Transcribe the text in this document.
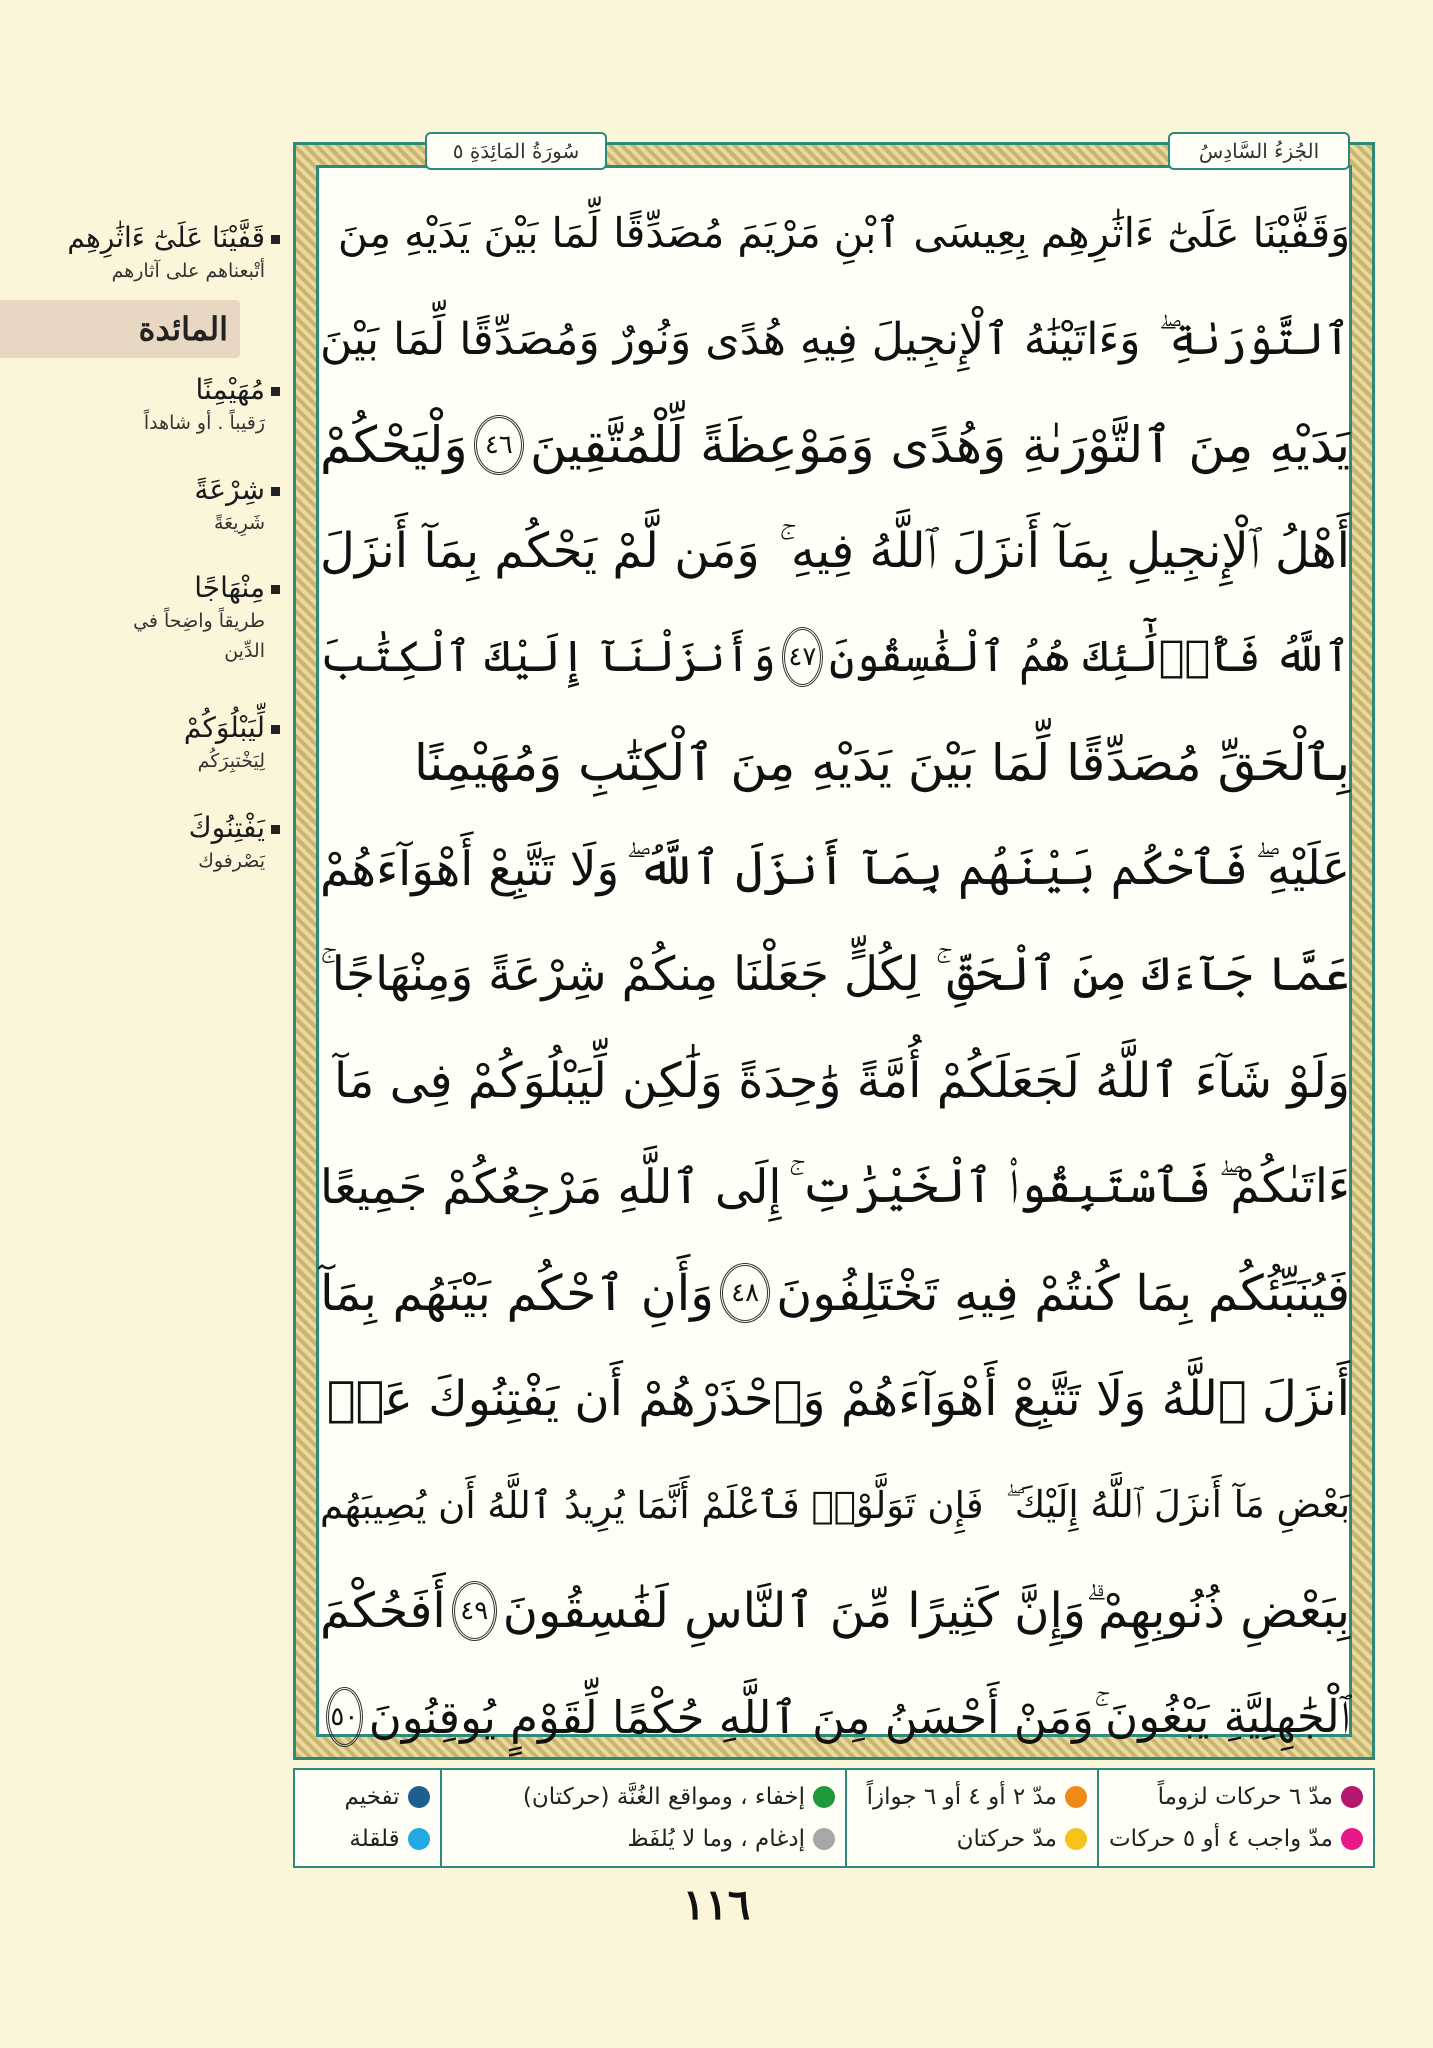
قَفَّيْنَا عَلَىٰٓ ءَاثَٰرِهِم
أتْبعناهم على آثارهم
مُهَيْمِنًا
رَقيباً . أو شاهداً
شِرْعَةً
شَرِيعَةً
مِنْهَاجًا
طريقاً واضِحاً في الدِّين
لِّيَبْلُوَكُمْ
لِيَخْتبِرَكُم
يَفْتِنُوكَ
يَصْرفوك
المائدة
سُورَةُ المَائِدَةِ ٥	الجُزءُ السَّادِسُ
وَقَفَّيْنَا عَلَىٰٓ ءَاثَٰرِهِم بِعِيسَى ٱبْنِ مَرْيَمَ مُصَدِّقًا لِّمَا بَيْنَ يَدَيْهِ مِنَ
ٱلتَّوْرَىٰةِ ۖ
وَءَاتَيْنَٰهُ ٱلْإِنجِيلَ فِيهِ هُدًى وَنُورٌ وَمُصَدِّقًا لِّمَا بَيْنَ
يَدَيْهِ مِنَ ٱلتَّوْرَىٰةِ وَهُدًى وَمَوْعِظَةً لِّلْمُتَّقِينَ
٤٦
وَلْيَحْكُمْ
أَهْلُ ٱلْإِنجِيلِ بِمَآ أَنزَلَ ٱللَّهُ فِيهِ ۚ
وَمَن لَّمْ يَحْكُم بِمَآ أَنزَلَ
ٱللَّهُ فَأُو۟لَٰٓئِكَ هُمُ ٱلْفَٰسِقُونَ
٤٧
وَأَنزَلْنَآ إِلَيْكَ ٱلْكِتَٰبَ
بِٱلْحَقِّ مُصَدِّقًا لِّمَا بَيْنَ يَدَيْهِ مِنَ ٱلْكِتَٰبِ وَمُهَيْمِنًا
عَلَيْهِ ۖ
فَٱحْكُم بَيْنَهُم بِمَآ أَنزَلَ ٱللَّهُ ۖ
وَلَا تَتَّبِعْ أَهْوَآءَهُمْ
عَمَّا جَآءَكَ مِنَ ٱلْحَقِّ ۚ
لِكُلٍّ جَعَلْنَا مِنكُمْ شِرْعَةً وَمِنْهَاجًا ۚ
وَلَوْ شَآءَ ٱللَّهُ لَجَعَلَكُمْ أُمَّةً وَٰحِدَةً وَلَٰكِن لِّيَبْلُوَكُمْ فِى مَآ
ءَاتَىٰكُمْ ۖ
فَٱسْتَبِقُوا۟ ٱلْخَيْرَٰتِ ۚ
إِلَى ٱللَّهِ مَرْجِعُكُمْ جَمِيعًا
فَيُنَبِّئُكُم بِمَا كُنتُمْ فِيهِ تَخْتَلِفُونَ
٤٨
وَأَنِ ٱحْكُم بَيْنَهُم بِمَآ
أَنزَلَ ٱللَّهُ وَلَا تَتَّبِعْ أَهْوَآءَهُمْ وَٱحْذَرْهُمْ أَن يَفْتِنُوكَ عَنۢ
بَعْضِ مَآ أَنزَلَ ٱللَّهُ إِلَيْكَ ۖ
فَإِن تَوَلَّوْا۟ فَٱعْلَمْ أَنَّمَا يُرِيدُ ٱللَّهُ أَن يُصِيبَهُم
بِبَعْضِ ذُنُوبِهِمْ ۗ
وَإِنَّ كَثِيرًا مِّنَ ٱلنَّاسِ لَفَٰسِقُونَ
٤٩
أَفَحُكْمَ
ٱلْجَٰهِلِيَّةِ يَبْغُونَ ۚ
وَمَنْ أَحْسَنُ مِنَ ٱللَّهِ حُكْمًا لِّقَوْمٍ يُوقِنُونَ
٥٠
مدّ ٦ حركات لزوماً
مدّ واجب ٤ أو ٥ حركات
مدّ ٢ أو ٤ أو ٦ جوازاً
مدّ حركتان
إخفاء ، ومواقع الغُنَّة (حركتان)
إدغام ، وما لا يُلفَظ
تفخيم
قلقلة
١١٦
